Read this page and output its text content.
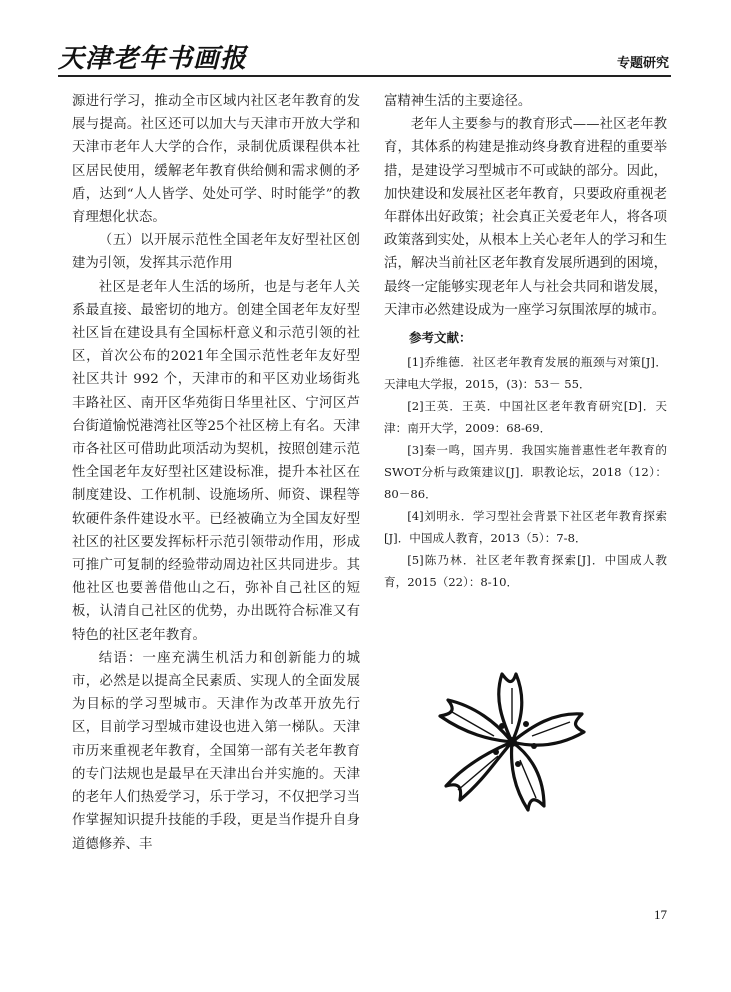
天津老年书画报	专题研究

源进行学习，推动全市区域内社区老年教育的发展与提高。社区还可以加大与天津市开放大学和天津市老年人大学的合作，录制优质课程供本社区居民使用，缓解老年教育供给侧和需求侧的矛盾，达到“人人皆学、处处可学、时时能学”的教育理想化状态。

（五）以开展示范性全国老年友好型社区创建为引领，发挥其示范作用

社区是老年人生活的场所，也是与老年人关系最直接、最密切的地方。创建全国老年友好型社区旨在建设具有全国标杆意义和示范引领的社区，首次公布的2021年全国示范性老年友好型社区共计 992 个，天津市的和平区劝业场街兆丰路社区、南开区华苑街日华里社区、宁河区芦台街道愉悦港湾社区等25个社区榜上有名。天津市各社区可借助此项活动为契机，按照创建示范性全国老年友好型社区建设标准，提升本社区在制度建设、工作机制、设施场所、师资、课程等软硬件条件建设水平。已经被确立为全国友好型社区的社区要发挥标杆示范引领带动作用，形成可推广可复制的经验带动周边社区共同进步。其他社区也要善借他山之石，弥补自己社区的短板，认清自己社区的优势，办出既符合标准又有特色的社区老年教育。

结语：一座充满生机活力和创新能力的城市，必然是以提高全民素质、实现人的全面发展为目标的学习型城市。天津作为改革开放先行区，目前学习型城市建设也进入第一梯队。天津市历来重视老年教育，全国第一部有关老年教育的专门法规也是最早在天津出台并实施的。天津的老年人们热爱学习，乐于学习，不仅把学习当作掌握知识提升技能的手段，更是当作提升自身道德修养、丰

富精神生活的主要途径。

老年人主要参与的教育形式——社区老年教育，其体系的构建是推动终身教育进程的重要举措，是建设学习型城市不可或缺的部分。因此，加快建设和发展社区老年教育，只要政府重视老年群体出好政策；社会真正关爱老年人，将各项政策落到实处，从根本上关心老年人的学习和生活，解决当前社区老年教育发展所遇到的困境，最终一定能够实现老年人与社会共同和谐发展，天津市必然建设成为一座学习氛围浓厚的城市。

参考文献：

[1]乔维德．社区老年教育发展的瓶颈与对策[J]．天津电大学报，2015，(3)：53－ 55．

[2]王英．王英．中国社区老年教育研究[D]．天津：南开大学，2009：68-69．

[3]秦一鸣，国卉男．我国实施普惠性老年教育的SWOT分析与政策建议[J]．职教论坛，2018（12）：80－86．

[4]刘明永．学习型社会背景下社区老年教育探索[J]．中国成人教育，2013（5）：7-8．

[5]陈乃林．社区老年教育探索[J]．中国成人教育，2015（22）：8-10．

17
